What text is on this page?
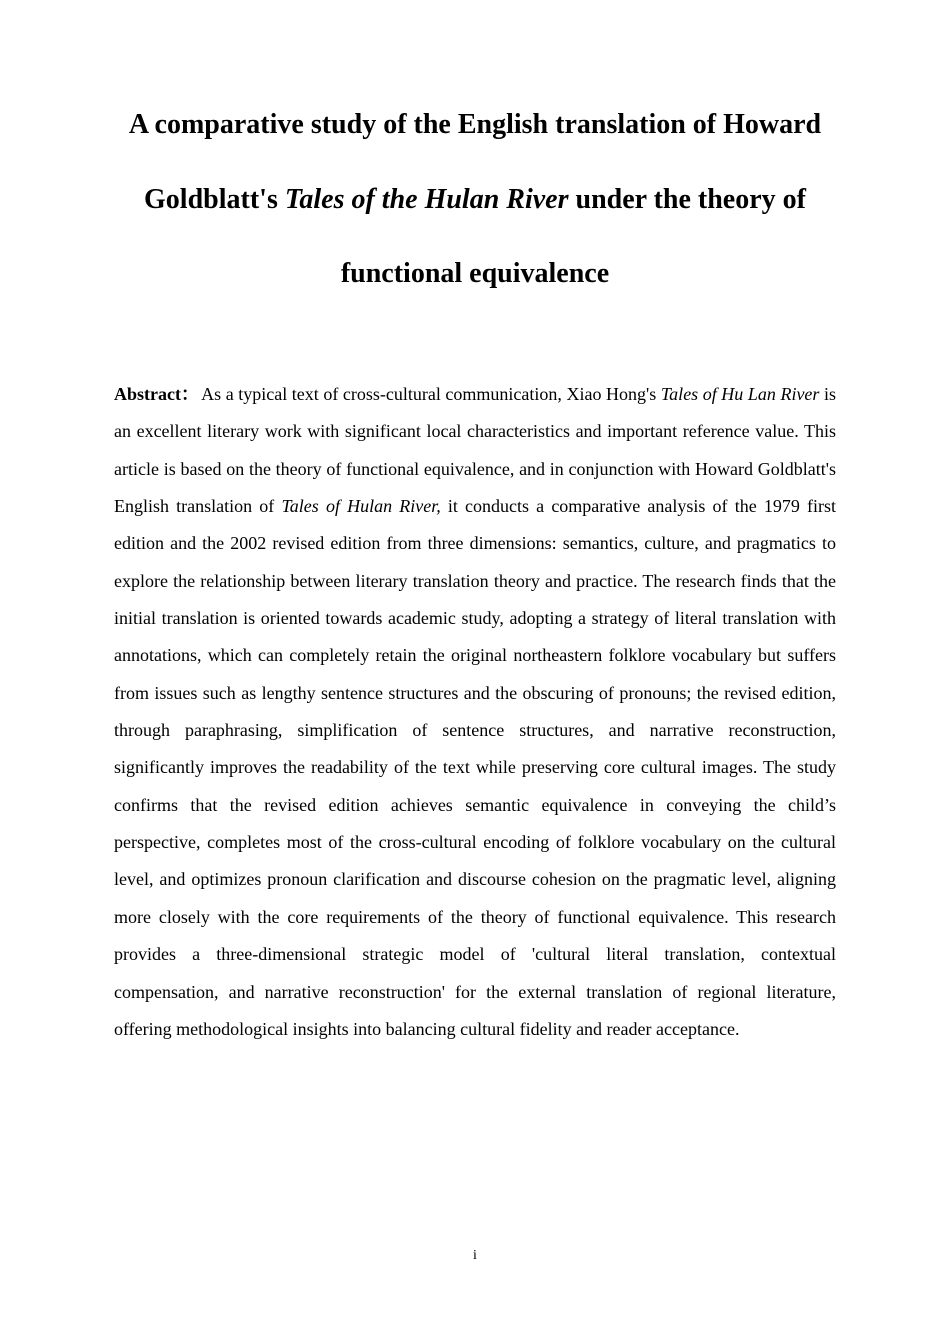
A comparative study of the English translation of Howard Goldblatt's Tales of the Hulan River under the theory of functional equivalence

Abstract： As a typical text of cross-cultural communication, Xiao Hong's Tales of Hu Lan River is an excellent literary work with significant local characteristics and important reference value. This article is based on the theory of functional equivalence, and in conjunction with Howard Goldblatt's English translation of Tales of Hulan River, it conducts a comparative analysis of the 1979 first edition and the 2002 revised edition from three dimensions: semantics, culture, and pragmatics to explore the relationship between literary translation theory and practice. The research finds that the initial translation is oriented towards academic study, adopting a strategy of literal translation with annotations, which can completely retain the original northeastern folklore vocabulary but suffers from issues such as lengthy sentence structures and the obscuring of pronouns; the revised edition, through paraphrasing, simplification of sentence structures, and narrative reconstruction, significantly improves the readability of the text while preserving core cultural images. The study confirms that the revised edition achieves semantic equivalence in conveying the child’s perspective, completes most of the cross-cultural encoding of folklore vocabulary on the cultural level, and optimizes pronoun clarification and discourse cohesion on the pragmatic level, aligning more closely with the core requirements of the theory of functional equivalence. This research provides a three-dimensional strategic model of 'cultural literal translation, contextual compensation, and narrative reconstruction' for the external translation of regional literature, offering methodological insights into balancing cultural fidelity and reader acceptance.

i
